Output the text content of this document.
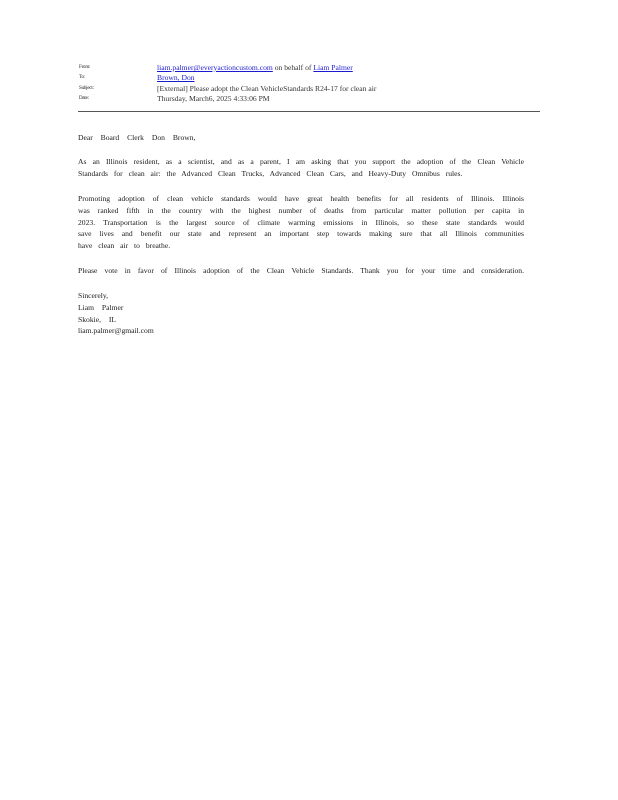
From:	liam.palmer@everyactioncustom.com on behalf of Liam Palmer
To:	Brown, Don
Subject:	[External] Please adopt the Clean VehicleStandards R24-17 for clean air
Date:	Thursday, March6, 2025 4:33:06 PM
Dear Board Clerk Don Brown,
As an Illinois resident, as a scientist, and as a parent, I am asking that you support the adoption of the Clean Vehicle
Standards for clean air: the Advanced Clean Trucks, Advanced Clean Cars, and Heavy-Duty Omnibus rules.
Promoting adoption of clean vehicle standards would have great health benefits for all residents of Illinois. Illinois
was ranked fifth in the country with the highest number of deaths from particular matter pollution per capita in
2023. Transportation is the largest source of climate warming emissions in Illinois, so these state standards would
save lives and benefit our state and represent an important step towards making sure that all Illinois communities
have clean air to breathe.
Please vote in favor of Illinois adoption of the Clean Vehicle Standards. Thank you for your time and consideration.
Sincerely,
Liam Palmer
Skokie, IL
liam.palmer@gmail.com
